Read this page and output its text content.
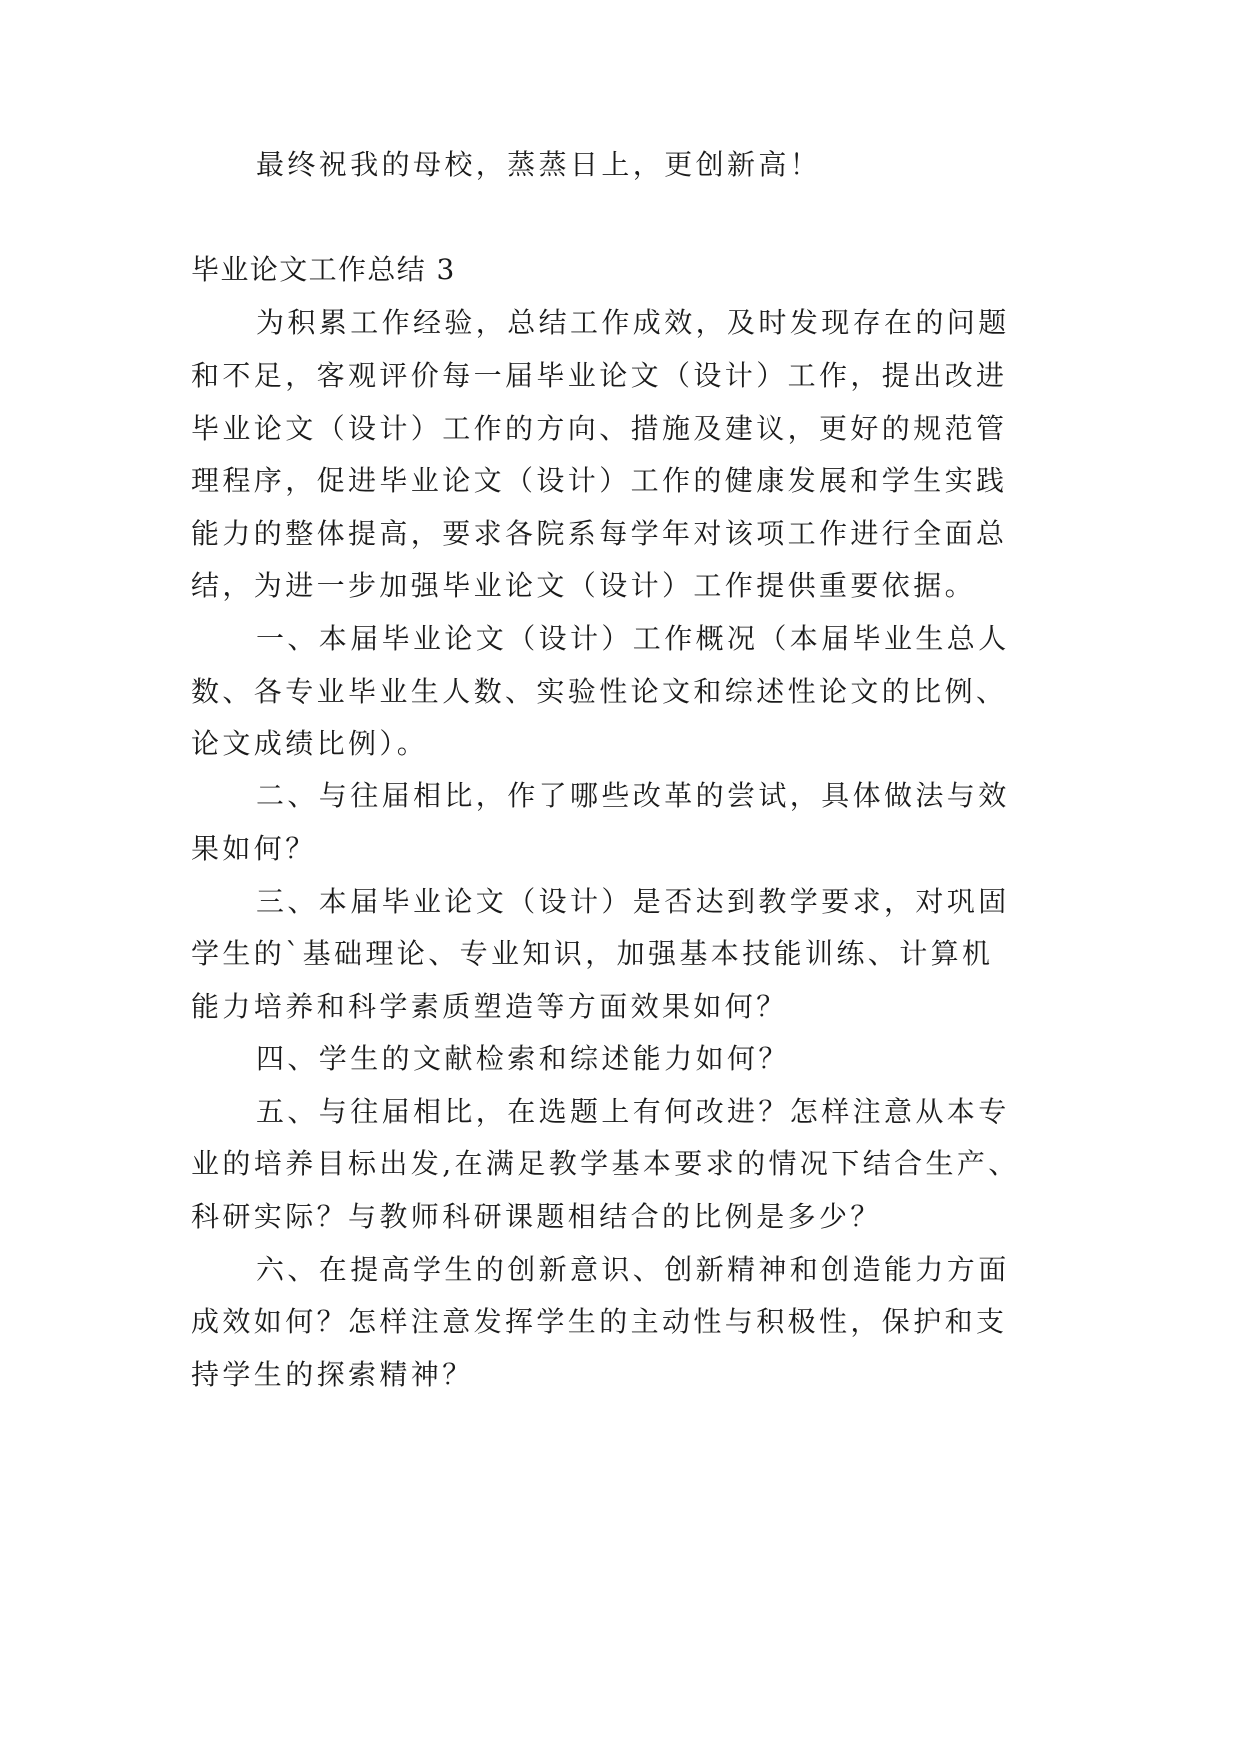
最终祝我的母校，蒸蒸日上，更创新高！
毕业论文工作总结 3
为积累工作经验，总结工作成效，及时发现存在的问题
和不足，客观评价每一届毕业论文（设计）工作，提出改进
毕业论文（设计）工作的方向、措施及建议，更好的规范管
理程序，促进毕业论文（设计）工作的健康发展和学生实践
能力的整体提高，要求各院系每学年对该项工作进行全面总
结，为进一步加强毕业论文（设计）工作提供重要依据。
一、本届毕业论文（设计）工作概况（本届毕业生总人
数、各专业毕业生人数、实验性论文和综述性论文的比例、
论文成绩比例）。
二、与往届相比，作了哪些改革的尝试，具体做法与效
果如何？
三、本届毕业论文（设计）是否达到教学要求，对巩固
学生的`基础理论、专业知识，加强基本技能训练、计算机
能力培养和科学素质塑造等方面效果如何？
四、学生的文献检索和综述能力如何？
五、与往届相比，在选题上有何改进？怎样注意从本专
业的培养目标出发,在满足教学基本要求的情况下结合生产、
科研实际？与教师科研课题相结合的比例是多少？
六、在提高学生的创新意识、创新精神和创造能力方面
成效如何？怎样注意发挥学生的主动性与积极性，保护和支
持学生的探索精神？
